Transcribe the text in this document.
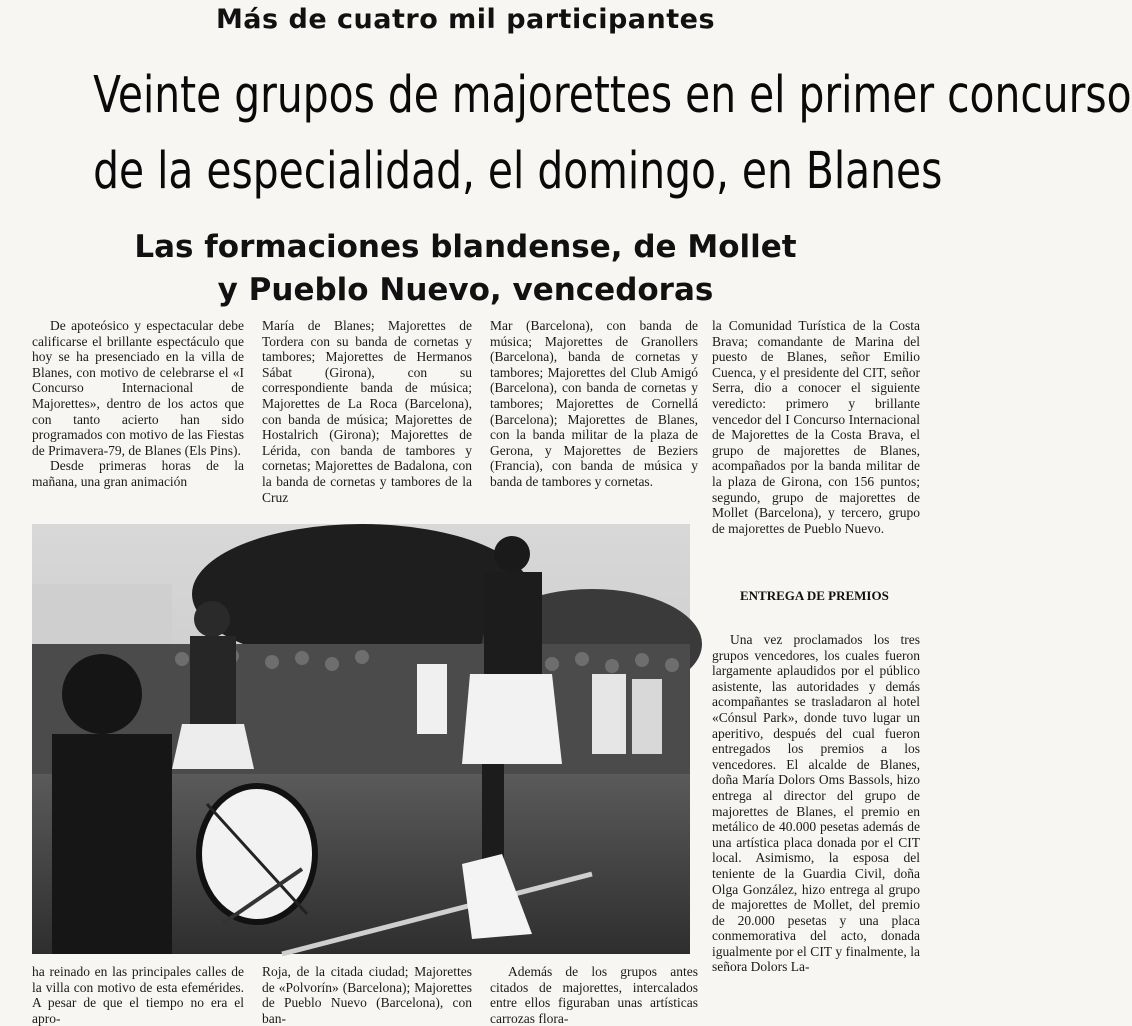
Más de cuatro mil participantes
Veinte grupos de majorettes en el primer concurso
de la especialidad, el domingo, en Blanes
Las formaciones blandense, de Mollet
y Pueblo Nuevo, vencedoras

De apoteósico y espectacular debe calificarse el brillante espectáculo que hoy se ha presenciado en la villa de Blanes, con motivo de celebrarse el «I Concurso Internacional de Majorettes», dentro de los actos que con tanto acierto han sido programados con motivo de las Fiestas de Primavera-79, de Blanes (Els Pins).

Desde primeras horas de la mañana, una gran animación

María de Blanes; Majorettes de Tordera con su banda de cornetas y tambores; Majorettes de Hermanos Sábat (Girona), con su correspondiente banda de música; Majorettes de La Roca (Barcelona), con banda de música; Majorettes de Hostalrich (Girona); Majorettes de Lérida, con banda de tambores y cornetas; Majorettes de Badalona, con la banda de cornetas y tambores de la Cruz

Mar (Barcelona), con banda de música; Majorettes de Granollers (Barcelona), banda de cornetas y tambores; Majorettes del Club Amigó (Barcelona), con banda de cornetas y tambores; Majorettes de Cornellá (Barcelona); Majorettes de Blanes, con la banda militar de la plaza de Gerona, y Majorettes de Beziers (Francia), con banda de música y banda de tambores y cornetas.

la Comunidad Turística de la Costa Brava; comandante de Marina del puesto de Blanes, señor Emilio Cuenca, y el presidente del CIT, señor Serra, dio a conocer el siguiente veredicto: primero y brillante vencedor del I Concurso Internacional de Majorettes de la Costa Brava, el grupo de majorettes de Blanes, acompañados por la banda militar de la plaza de Girona, con 156 puntos; segundo, grupo de majorettes de Mollet (Barcelona), y tercero, grupo de majorettes de Pueblo Nuevo.

ENTREGA DE PREMIOS

Una vez proclamados los tres grupos vencedores, los cuales fueron largamente aplaudidos por el público asistente, las autoridades y demás acompañantes se trasladaron al hotel «Cónsul Park», donde tuvo lugar un aperitivo, después del cual fueron entregados los premios a los vencedores. El alcalde de Blanes, doña María Dolors Oms Bassols, hizo entrega al director del grupo de majorettes de Blanes, el premio en metálico de 40.000 pesetas además de una artística placa donada por el CIT local. Asimismo, la esposa del teniente de la Guardia Civil, doña Olga González, hizo entrega al grupo de majorettes de Mollet, del premio de 20.000 pesetas y una placa conmemorativa del acto, donada igualmente por el CIT y finalmente, la señora Dolors La-

ha reinado en las principales calles de la villa con motivo de esta efemérides. A pesar de que el tiempo no era el apro-

Roja, de la citada ciudad; Majorettes de «Polvorín» (Barcelona); Majorettes de Pueblo Nuevo (Barcelona), con ban-

Además de los grupos antes citados de majorettes, intercalados entre ellos figuraban unas artísticas carrozas flora-
